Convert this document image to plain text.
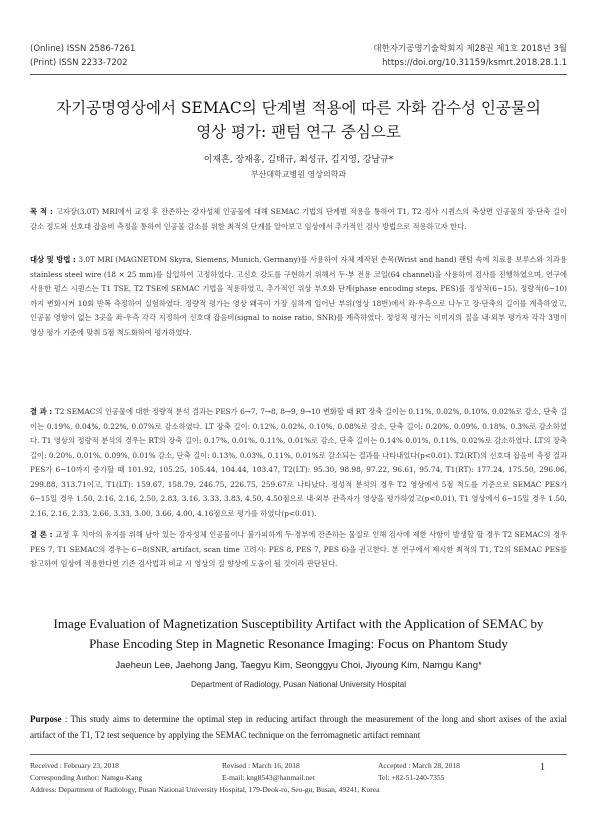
(Online) ISSN 2586-7261
(Print) ISSN 2233-7202
대한자기공명기술학회지 제28권 제1호 2018년 3월
https://doi.org/10.31159/ksmrt.2018.28.1.1
자기공명영상에서 SEMAC의 단계별 적용에 따른 자화 감수성 인공물의
영상 평가: 팬텀 연구 중심으로
이재흔, 장재홍, 김태규, 최성규, 김지영, 강남규*
부산대학교병원 영상의학과
목 적 : 고자장(3.0T) MRI에서 교정 후 잔존하는 강자성체 인공물에 대해 SEMAC 기법의 단계별 적용을 통하여 T1, T2 검사 시퀀스의 축상면 인공물의 장·단축 길이 감소 정도와 신호대 잡음비 측정을 통하여 인공물 감소를 위한 최적의 단계를 알아보고 임상에서 추가적인 검사 방법으로 적용하고자 한다.
대상 및 방법 : 3.0T MRI (MAGNETOM Skyra, Siemens, Munich, Germany)를 사용하여 자체 제작된 손목(Wrist and hand) 팬텀 속에 치료용 보루스와 치과용 stainless steel wire (18 × 25 mm)를 삽입하여 고정하였다. 고신호 강도를 구현하기 위해서 두·부 전용 코일(64 channel)을 사용하여 검사를 진행하였으며, 연구에 사용한 펄스 시퀀스는 T1 TSE, T2 TSE에 SEMAC 기법을 적용하였고, 추가적인 위상 부호화 단계(phase encoding steps, PES)를 정성적(6−15), 정량적(6−10)까지 변화시켜 10회 반복 측정하여 실험하였다. 정량적 평가는 영상 왜곡이 가장 심하게 일어난 부위(영상 18번)에서 좌·우측으로 나누고 장·단축의 길이를 계측하였고, 인공물 영향이 없는 3곳을 좌·우측 각각 지정하여 신호대 잡음비(signal to noise ratio, SNR)를 계측하였다. 정성적 평가는 이미지의 질을 내·외부 평가자 각각 3명이 영상 평가 기준에 맞춰 5점 척도화하여 평가하였다.
결 과 : T2 SEMAC의 인공물에 대한 정량적 분석 결과는 PES가 6→7, 7→8, 8→9, 9→10 변화할 때 RT 장축 길이는 0.11%, 0.02%, 0.10%, 0.02%로 감소, 단축 길이는 0.19%, 0.04%, 0.22%, 0.07%로 감소하였다. LT 장축 길이: 0.12%, 0.02%, 0.10%, 0.08%로 감소, 단축 길이: 0.20%, 0.09%, 0.18%, 0.3%로 감소하였다. T1 영상의 정량적 분석의 경우는 RT의 장축 길이: 0.17%, 0.01%, 0.11%, 0.01%로 감소, 단축 길이는 0.14% 0.01%, 0.11%, 0.02%로 감소하였다. LT의 장축 길이: 0.20%, 0.01%, 0.09%, 0.01% 감소, 단축 길이: 0.13%, 0.03%, 0.11%, 0.01%로 감소되는 결과를 나타내었다(p<0.01). T2(RT)의 신호대 잡음비 측정 결과 PES가 6−10까지 증가할 때 101.92, 105.25, 105.44, 104.44, 103.47, T2(LT): 95.30, 98.98, 97.22, 96.61, 95.74, T1(RT): 177.24, 175.50, 296.06, 299.88, 313.71이고, T1(LT): 159.67, 158.79, 246.75, 226.75, 259.67로 나타났다. 정성적 분석의 경우 T2 영상에서 5점 척도를 기준으로 SEMAC PES가 6−15일 경우 1.50, 2.16, 2.16, 2.50, 2.83, 3.16, 3.33, 3.83, 4.50, 4.50점으로 내·외부 관측자가 영상을 평가하였고(p<0.01), T1 영상에서 6−15일 경우 1.50, 2.16, 2.16, 2.33, 2.66, 3.33, 3.00, 3.66, 4.00, 4.16점으로 평가를 하였다(p<0.01).
결 론 : 교정 후 치아의 유지를 위해 남아 있는 강자성체 인공물이나 불가피하게 두·경부에 잔존하는 물질로 인해 검사에 제한 사항이 발생할 할 경우 T2 SEMAC의 경우 PES 7, T1 SEMAC의 경우는 6−8(SNR, artifact, scan time 고려시: PES 8, PES 7, PES 6)을 권고한다. 본 연구에서 제시한 최적의 T1, T2의 SEMAC PES를 참고하여 임상에 적용한다면 기존 검사법과 비교 시 영상의 질 향상에 도움이 될 것이라 판단된다.
Image Evaluation of Magnetization Susceptibility Artifact with the Application of SEMAC by
Phase Encoding Step in Magnetic Resonance Imaging: Focus on Phantom Study
Jaeheun Lee, Jaehong Jang, Taegyu Kim, Seonggyu Choi, Jiyoung Kim, Namgu Kang*
Department of Radiology, Pusan National University Hospital
Purpose : This study aims to determine the optimal step in reducing artifact through the measurement of the long and short axises of the axial artifact of the T1, T2 test sequence by applying the SEMAC technique on the ferromagnetic artifact remnant
Received : February 23, 2018	Revised : March 16, 2018	Accepted : March 28, 2018
Corresponding Author: Namgu-Kang	E-mail: kng8543@hanmail.net	Tel: +82-51-240-7355
Address: Department of Radiology, Pusan National University Hospital, 179-Deok-ro, Seo-gu, Busan, 49241, Korea
1
